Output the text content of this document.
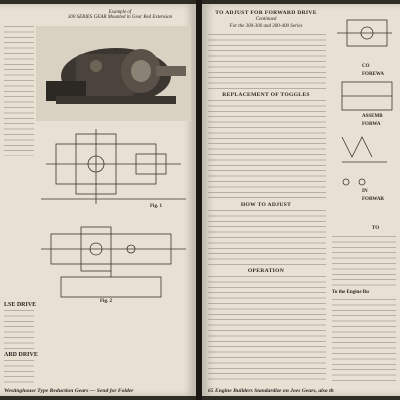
Example of
300 SERIES GEAR Mounted in Gear Bed Extension
Fig. 1
Fig. 2
LSE DRIVE
ARD DRIVE
Westinghouse Type Reduction Gears — Send for Folder
TO ADJUST FOR FORWARD DRIVE
Continued
For the 300-300 and 300-400 Series
REPLACEMENT OF TOGGLES
HOW TO ADJUST
OPERATION
CO
FOREWA
ASSEMB
FORWA
IN
FORWAR
TO
To the Engine Bu
65 Engine Builders Standardize on Joes Gears, also th
